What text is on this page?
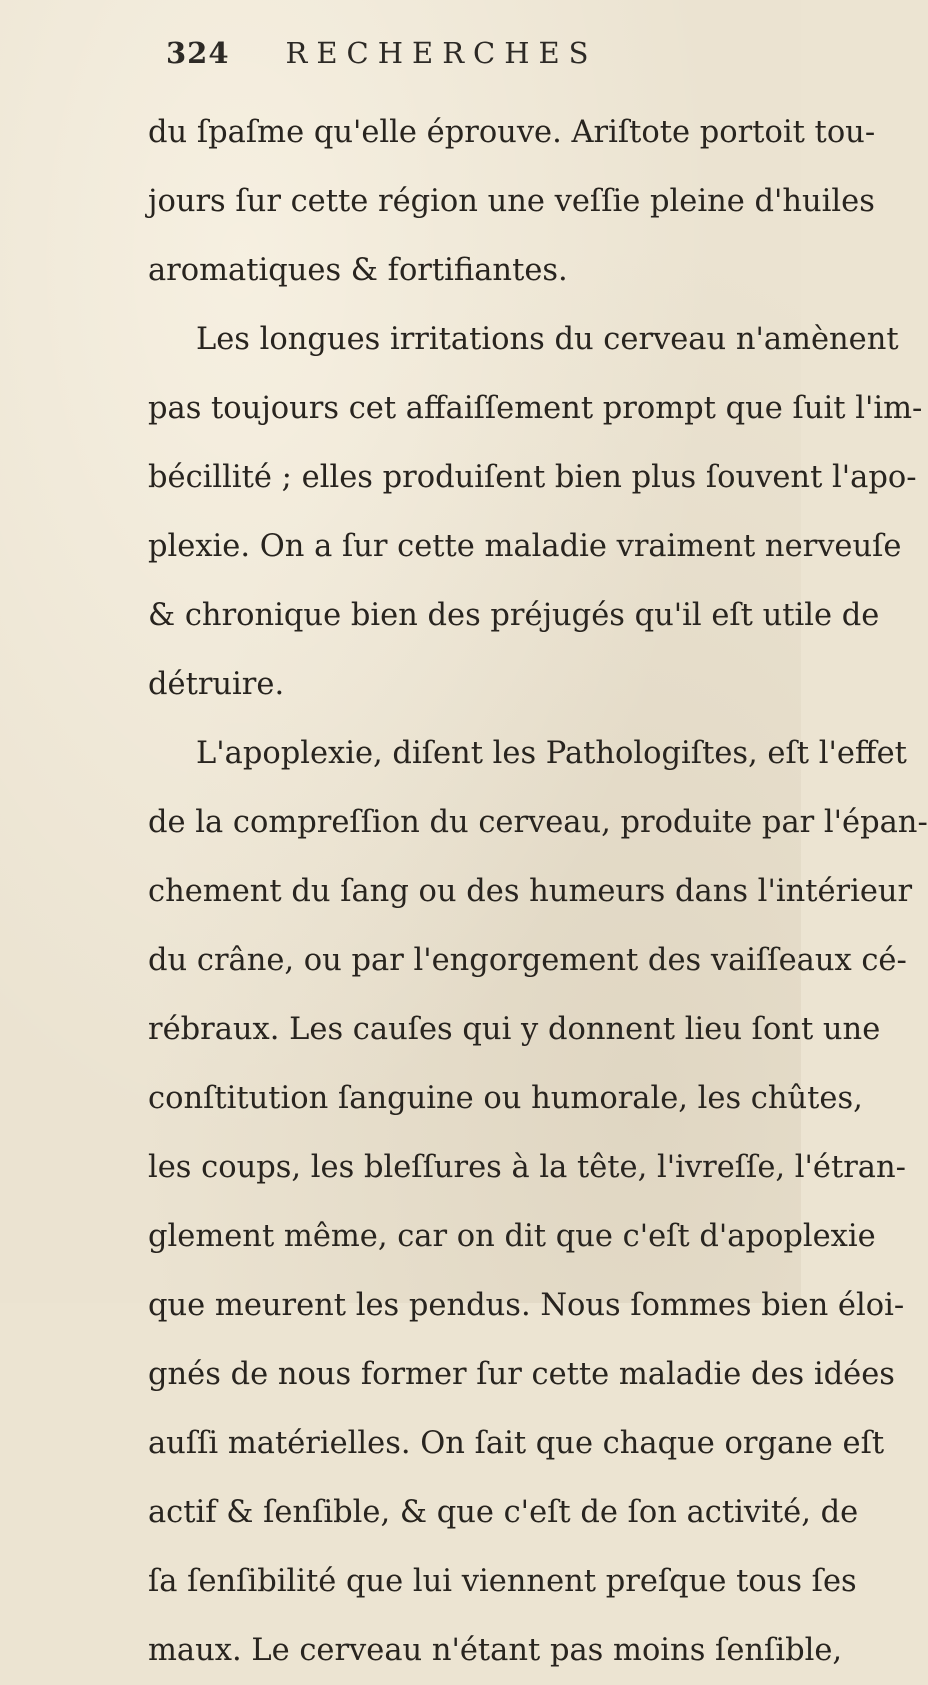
324 RECHERCHES
du ſpaſme qu'elle éprouve. Ariſtote portoit tou-
jours ſur cette région une veſſie pleine d'huiles
aromatiques & fortifiantes.
Les longues irritations du cerveau n'amènent
pas toujours cet affaiſſement prompt que ſuit l'im-
bécillité ; elles produiſent bien plus ſouvent l'apo-
plexie. On a ſur cette maladie vraiment nerveuſe
& chronique bien des préjugés qu'il eſt utile de
détruire.
L'apoplexie, diſent les Pathologiſtes, eſt l'effet
de la compreſſion du cerveau, produite par l'épan-
chement du ſang ou des humeurs dans l'intérieur
du crâne, ou par l'engorgement des vaiſſeaux cé-
rébraux. Les cauſes qui y donnent lieu ſont une
conſtitution ſanguine ou humorale, les chûtes,
les coups, les bleſſures à la tête, l'ivreſſe, l'étran-
glement même, car on dit que c'eſt d'apoplexie
que meurent les pendus. Nous ſommes bien éloi-
gnés de nous former ſur cette maladie des idées
auſſi matérielles. On ſait que chaque organe eſt
actif & ſenſible, & que c'eſt de ſon activité, de
ſa ſenſibilité que lui viennent preſque tous ſes
maux. Le cerveau n'étant pas moins ſenſible,
